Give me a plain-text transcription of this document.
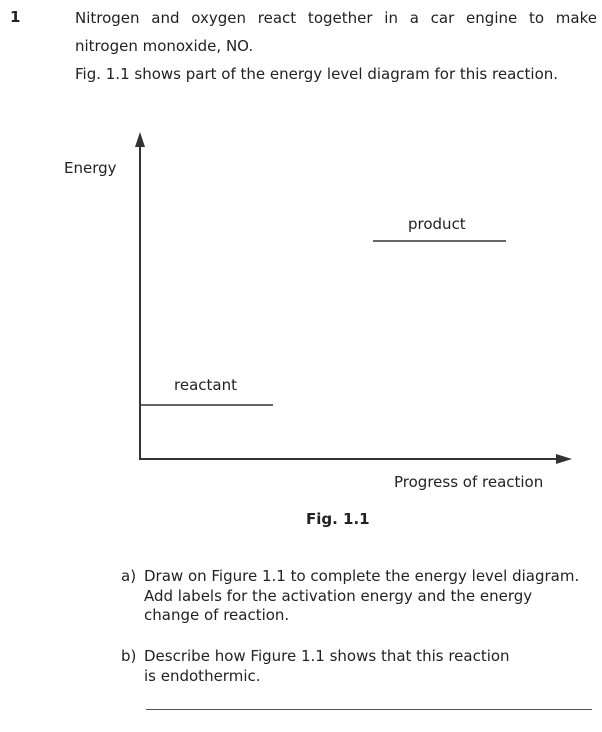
1	Nitrogen and oxygen react together in a car engine to make
nitrogen monoxide, NO.
Fig. 1.1 shows part of the energy level diagram for this reaction.
Energy
product
reactant
Progress of reaction
Fig. 1.1
a) Draw on Figure 1.1 to complete the energy level diagram.
Add labels for the activation energy and the energy
change of reaction.
b) Describe how Figure 1.1 shows that this reaction
is endothermic.
